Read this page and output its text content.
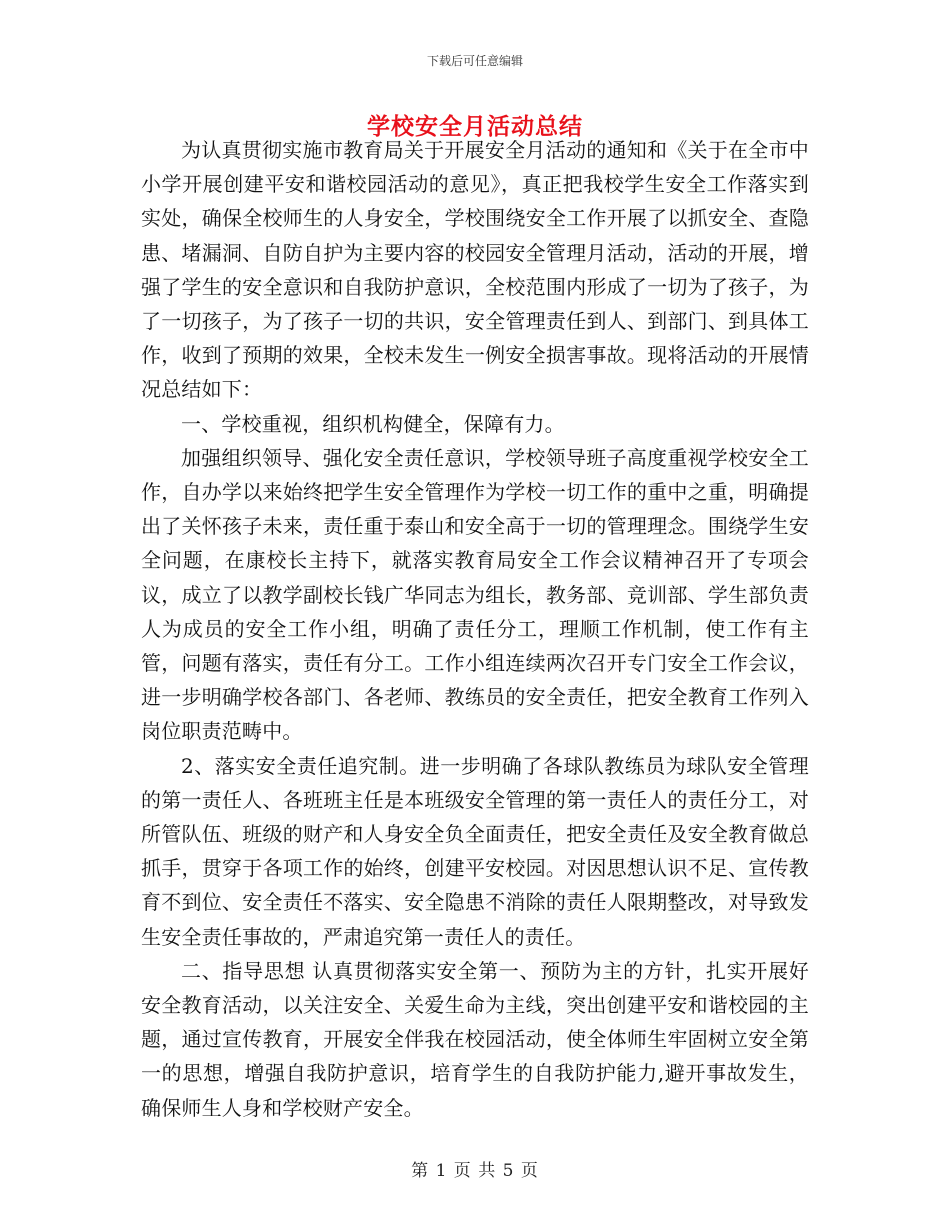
下载后可任意编辑
学校安全月活动总结

为认真贯彻实施市教育局关于开展安全月活动的通知和《关于在全市中小学开展创建平安和谐校园活动的意见》，真正把我校学生安全工作落实到实处，确保全校师生的人身安全，学校围绕安全工作开展了以抓安全、查隐患、堵漏洞、自防自护为主要内容的校园安全管理月活动，活动的开展，增强了学生的安全意识和自我防护意识，全校范围内形成了一切为了孩子，为了一切孩子，为了孩子一切的共识，安全管理责任到人、到部门、到具体工作，收到了预期的效果，全校未发生一例安全损害事故。现将活动的开展情况总结如下：

一、学校重视，组织机构健全，保障有力。

加强组织领导、强化安全责任意识，学校领导班子高度重视学校安全工作，自办学以来始终把学生安全管理作为学校一切工作的重中之重，明确提出了关怀孩子未来，责任重于泰山和安全高于一切的管理理念。围绕学生安全问题，在康校长主持下，就落实教育局安全工作会议精神召开了专项会议，成立了以教学副校长钱广华同志为组长，教务部、竞训部、学生部负责人为成员的安全工作小组，明确了责任分工，理顺工作机制，使工作有主管，问题有落实，责任有分工。工作小组连续两次召开专门安全工作会议，进一步明确学校各部门、各老师、教练员的安全责任，把安全教育工作列入岗位职责范畴中。

2、落实安全责任追究制。进一步明确了各球队教练员为球队安全管理的第一责任人、各班班主任是本班级安全管理的第一责任人的责任分工，对所管队伍、班级的财产和人身安全负全面责任，把安全责任及安全教育做总抓手，贯穿于各项工作的始终，创建平安校园。对因思想认识不足、宣传教育不到位、安全责任不落实、安全隐患不消除的责任人限期整改，对导致发生安全责任事故的，严肃追究第一责任人的责任。

二、指导思想 认真贯彻落实安全第一、预防为主的方针，扎实开展好安全教育活动，以关注安全、关爱生命为主线，突出创建平安和谐校园的主题，通过宣传教育，开展安全伴我在校园活动，使全体师生牢固树立安全第一的思想，增强自我防护意识，培育学生的自我防护能力,避开事故发生，确保师生人身和学校财产安全。

第 1 页 共 5 页
